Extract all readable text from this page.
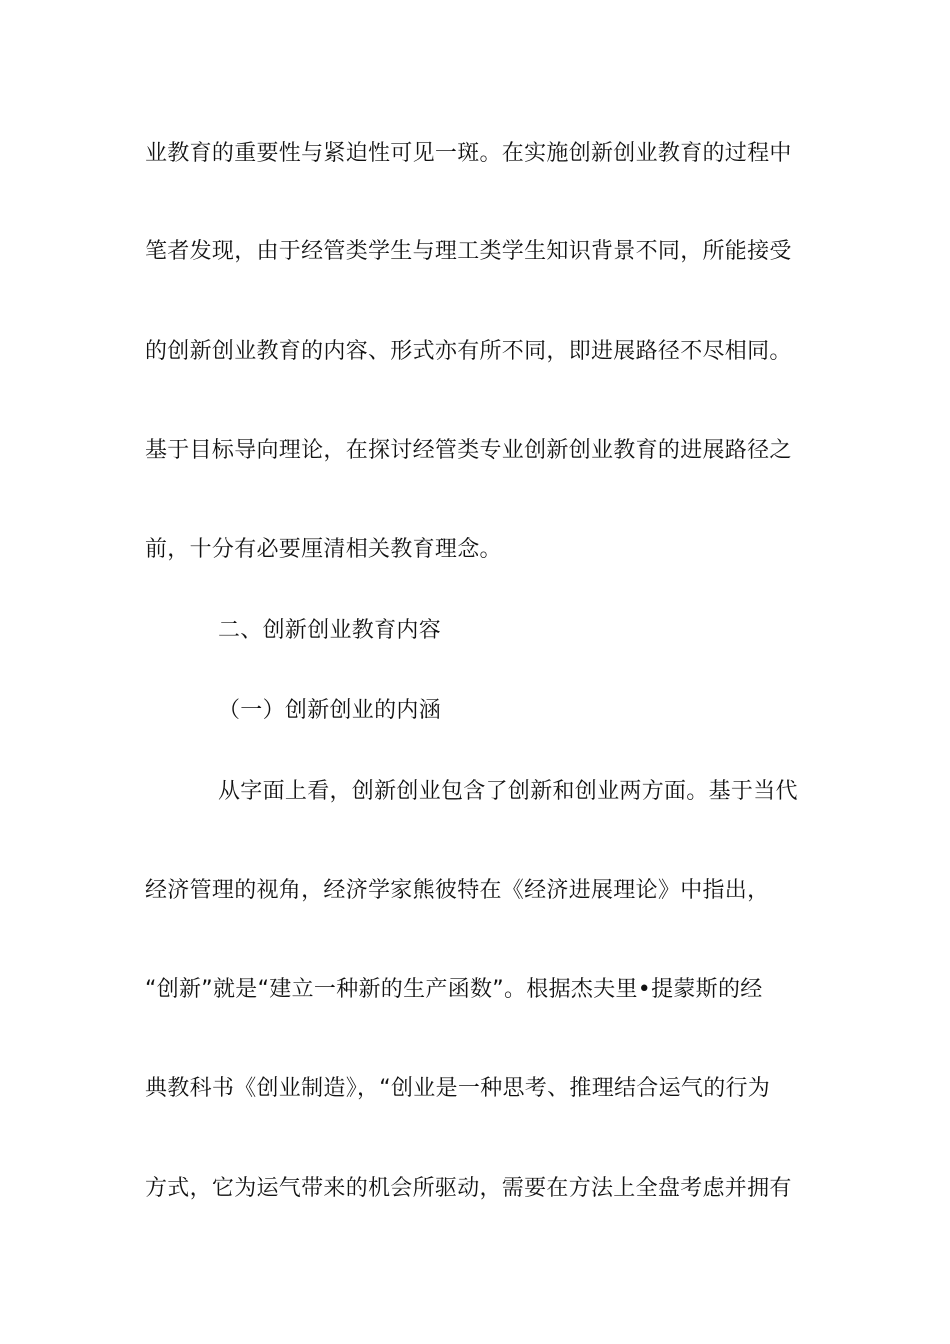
业教育的重要性与紧迫性可见一斑。在实施创新创业教育的过程中
笔者发现，由于经管类学生与理工类学生知识背景不同，所能接受
的创新创业教育的内容、形式亦有所不同，即进展路径不尽相同。
基于目标导向理论，在探讨经管类专业创新创业教育的进展路径之
前，十分有必要厘清相关教育理念。
二、创新创业教育内容
（一）创新创业的内涵
从字面上看，创新创业包含了创新和创业两方面。基于当代
经济管理的视角，经济学家熊彼特在《经济进展理论》中指出，
“创新”就是“建立一种新的生产函数”。根据杰夫里•提蒙斯的经
典教科书《创业制造》，“创业是一种思考、推理结合运气的行为
方式，它为运气带来的机会所驱动，需要在方法上全盘考虑并拥有
